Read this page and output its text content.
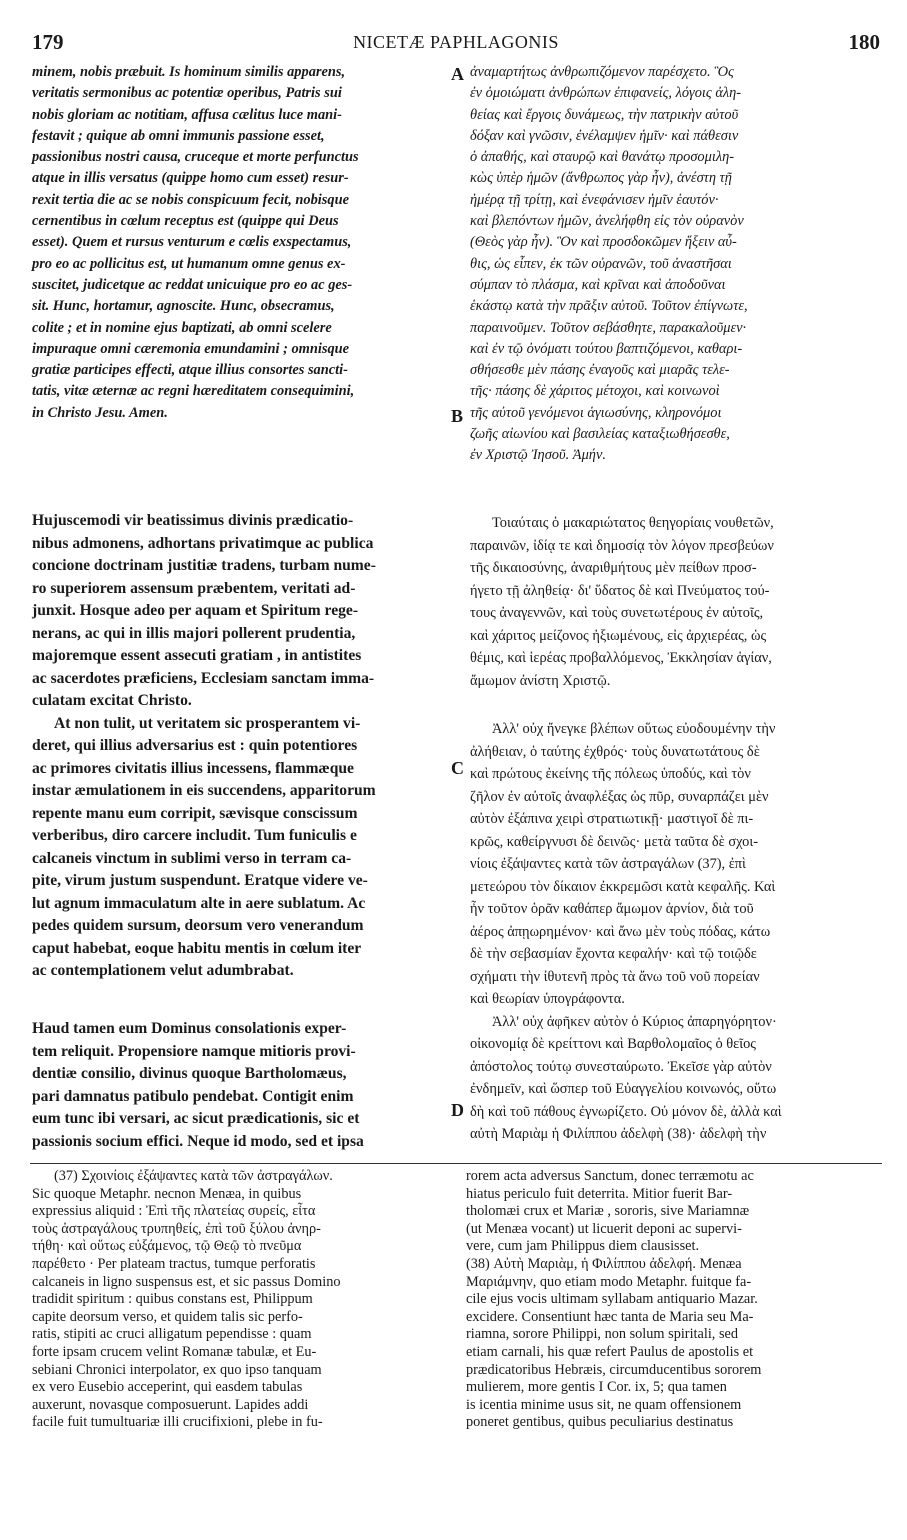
179	NICETÆ PAPHLAGONIS	180

minem, nobis præbuit. Is hominum similis apparens,
veritatis sermonibus ac potentiæ operibus, Patris sui
nobis gloriam ac notitiam, affusa cælitus luce mani-
festavit ; quique ab omni immunis passione esset,
passionibus nostri causa, cruceque et morte perfunctus
atque in illis versatus (quippe homo cum esset) resur-
rexit tertia die ac se nobis conspicuum fecit, nobisque
cernentibus in cœlum receptus est (quippe qui Deus
esset). Quem et rursus venturum e cœlis exspectamus,
pro eo ac pollicitus est, ut humanum omne genus ex-
suscitet, judicetque ac reddat unicuique pro eo ac ges-
sit. Hunc, hortamur, agnoscite. Hunc, obsecramus,
colite ; et in nomine ejus baptizati, ab omni scelere
impuraque omni cæremonia emundamini ; omnisque
gratiæ participes effecti, atque illius consortes sancti-
tatis, vitæ æternæ ac regni hæreditatem consequimini,
in Christo Jesu. Amen.

ἀναμαρτήτως ἀνθρωπιζόμενον παρέσχετο. Ὃς
ἐν ὁμοιώματι ἀνθρώπων ἐπιφανείς, λόγοις ἀλη-
θείας καὶ ἔργοις δυνάμεως, τὴν πατρικὴν αὐτοῦ
δόξαν καὶ γνῶσιν, ἐνέλαμψεν ἡμῖν· καὶ πάθεσιν
ὁ ἀπαθής, καὶ σταυρῷ καὶ θανάτῳ προσομιλη-
κὼς ὑπὲρ ἡμῶν (ἄνθρωπος γὰρ ἦν), ἀνέστη τῇ
ἡμέρᾳ τῇ τρίτῃ, καὶ ἐνεφάνισεν ἡμῖν ἑαυτόν·
καὶ βλεπόντων ἡμῶν, ἀνελήφθη εἰς τὸν οὐρανὸν
(Θεὸς γὰρ ἦν). Ὃν καὶ προσδοκῶμεν ἥξειν αὖ-
θις, ὡς εἶπεν, ἐκ τῶν οὐρανῶν, τοῦ ἀναστῆσαι
σύμπαν τὸ πλάσμα, καὶ κρῖναι καὶ ἀποδοῦναι
ἑκάστῳ κατὰ τὴν πρᾶξιν αὐτοῦ. Τοῦτον ἐπίγνωτε,
παραινοῦμεν. Τοῦτον σεβάσθητε, παρακαλοῦμεν·
καὶ ἐν τῷ ὀνόματι τούτου βαπτιζόμενοι, καθαρι-
σθήσεσθε μὲν πάσης ἐναγοῦς καὶ μιαρᾶς τελε-
τῆς· πάσης δὲ χάριτος μέτοχοι, καὶ κοινωνοὶ
τῆς αὐτοῦ γενόμενοι ἁγιωσύνης, κληρονόμοι
ζωῆς αἰωνίου καὶ βασιλείας καταξιωθήσεσθε,
ἐν Χριστῷ Ἰησοῦ. Ἀμήν.

Hujuscemodi vir beatissimus divinis prædicatio-
nibus admonens, adhortans privatimque ac publica
concione doctrinam justitiæ tradens, turbam nume-
ro superiorem assensum præbentem, veritati ad-
junxit. Hosque adeo per aquam et Spiritum rege-
nerans, ac qui in illis majori pollerent prudentia,
majoremque essent assecuti gratiam , in antistites
ac sacerdotes præficiens, Ecclesiam sanctam imma-
culatam excitat Christo.

At non tulit, ut veritatem sic prosperantem vi-
deret, qui illius adversarius est : quin potentiores
ac primores civitatis illius incessens, flammæque
instar æmulationem in eis succendens, apparitorum
repente manu eum corripit, sævisque conscissum
verberibus, diro carcere includit. Tum funiculis e
calcaneis vinctum in sublimi verso in terram ca-
pite, virum justum suspendunt. Eratque videre ve-
lut agnum immaculatum alte in aere sublatum. Ac
pedes quidem sursum, deorsum vero venerandum
caput habebat, eoque habitu mentis in cœlum iter
ac contemplationem velut adumbrabat.

Haud tamen eum Dominus consolationis exper-
tem reliquit. Propensiore namque mitioris provi-
dentiæ consilio, divinus quoque Bartholomæus,
pari damnatus patibulo pendebat. Contigit enim
eum tunc ibi versari, ac sicut prædicationis, sic et
passionis socium effici. Neque id modo, sed et ipsa

Τοιαύταις ὁ μακαριώτατος θεηγορίαις νουθετῶν,
παραινῶν, ἰδίᾳ τε καὶ δημοσίᾳ τὸν λόγον πρεσβεύων
τῆς δικαιοσύνης, ἀναριθμήτους μὲν πείθων προσ-
ήγετο τῇ ἀληθείᾳ· δι' ὕδατος δὲ καὶ Πνεύματος τού-
τους ἀναγεννῶν, καὶ τοὺς συνετωτέρους ἐν αὐτοῖς,
καὶ χάριτος μείζονος ἠξιωμένους, εἰς ἀρχιερέας, ὡς
θέμις, καὶ ἱερέας προβαλλόμενος, Ἐκκλησίαν ἁγίαν,
ἄμωμον ἀνίστη Χριστῷ.

Ἀλλ' οὐχ ἤνεγκε βλέπων οὕτως εὐοδουμένην τὴν
ἀλήθειαν, ὁ ταύτης ἐχθρός· τοὺς δυνατωτάτους δὲ
καὶ πρώτους ἐκείνης τῆς πόλεως ὑποδύς, καὶ τὸν
ζῆλον ἐν αὐτοῖς ἀναφλέξας ὡς πῦρ, συναρπάζει μὲν
αὐτὸν ἐξάπινα χειρὶ στρατιωτικῇ· μαστιγοῖ δὲ πι-
κρῶς, καθείργνυσι δὲ δεινῶς· μετὰ ταῦτα δὲ σχοι-
νίοις ἐξάψαντες κατὰ τῶν ἀστραγάλων (37), ἐπὶ
μετεώρου τὸν δίκαιον ἐκκρεμῶσι κατὰ κεφαλῆς. Καὶ
ἦν τοῦτον ὁρᾶν καθάπερ ἄμωμον ἀρνίον, διὰ τοῦ
ἀέρος ἀπῃωρημένον· καὶ ἄνω μὲν τοὺς πόδας, κάτω
δὲ τὴν σεβασμίαν ἔχοντα κεφαλήν· καὶ τῷ τοιῷδε
σχήματι τὴν ἰθυτενῆ πρὸς τὰ ἄνω τοῦ νοῦ πορείαν
καὶ θεωρίαν ὑπογράφοντα.

Ἀλλ' οὐχ ἀφῆκεν αὐτὸν ὁ Κύριος ἀπαρηγόρητον·
οἰκονομίᾳ δὲ κρείττονι καὶ Βαρθολομαῖος ὁ θεῖος
ἀπόστολος τούτῳ συνεσταύρωτο. Ἐκεῖσε γὰρ αὐτὸν
ἐνδημεῖν, καὶ ὥσπερ τοῦ Εὐαγγελίου κοινωνός, οὕτω
δὴ καὶ τοῦ πάθους ἐγνωρίζετο. Οὐ μόνον δὲ, ἀλλὰ καὶ
αὐτὴ Μαριὰμ ἡ Φιλίππου ἀδελφὴ (38)· ἀδελφὴ τὴν

A
B
C
D

(37) Σχοινίοις ἐξάψαντες κατὰ τῶν ἀστραγάλων.
Sic quoque Metaphr. necnon Menæa, in quibus
expressius aliquid : Ἐπὶ τῆς πλατείας συρείς, εἶτα
τοὺς ἀστραγάλους τρυπηθείς, ἐπὶ τοῦ ξύλου ἀνηρ-
τήθη· καὶ οὕτως εὐξάμενος, τῷ Θεῷ τὸ πνεῦμα
παρέθετο · Per plateam tractus, tumque perforatis
calcaneis in ligno suspensus est, et sic passus Domino
tradidit spiritum : quibus constans est, Philippum
capite deorsum verso, et quidem talis sic perfo-
ratis, stipiti ac cruci alligatum pependisse : quam
forte ipsam crucem velint Romanæ tabulæ, et Eu-
sebiani Chronici interpolator, ex quo ipso tanquam
ex vero Eusebio acceperint, qui easdem tabulas
auxerunt, novasque composuerunt. Lapides addi
facile fuit tumultuariæ illi crucifixioni, plebe in fu-

rorem acta adversus Sanctum, donec terræmotu ac
hiatus periculo fuit deterrita. Mitior fuerit Bar-
tholomæi crux et Mariæ , sororis, sive Mariamnæ
(ut Menæa vocant) ut licuerit deponi ac supervi-
vere, cum jam Philippus diem clausisset.
(38) Αὐτὴ Μαριὰμ, ἡ Φιλίππου ἀδελφή. Menæa
Μαριάμνην, quo etiam modo Metaphr. fuitque fa-
cile ejus vocis ultimam syllabam antiquario Mazar.
excidere. Consentiunt hæc tanta de Maria seu Ma-
riamna, sorore Philippi, non solum spiritali, sed
etiam carnali, his quæ refert Paulus de apostolis et
prædicatoribus Hebræis, circumducentibus sororem
mulierem, more gentis I Cor. ix, 5; qua tamen
is icentia minime usus sit, ne quam offensionem
poneret gentibus, quibus peculiarius destinatus
